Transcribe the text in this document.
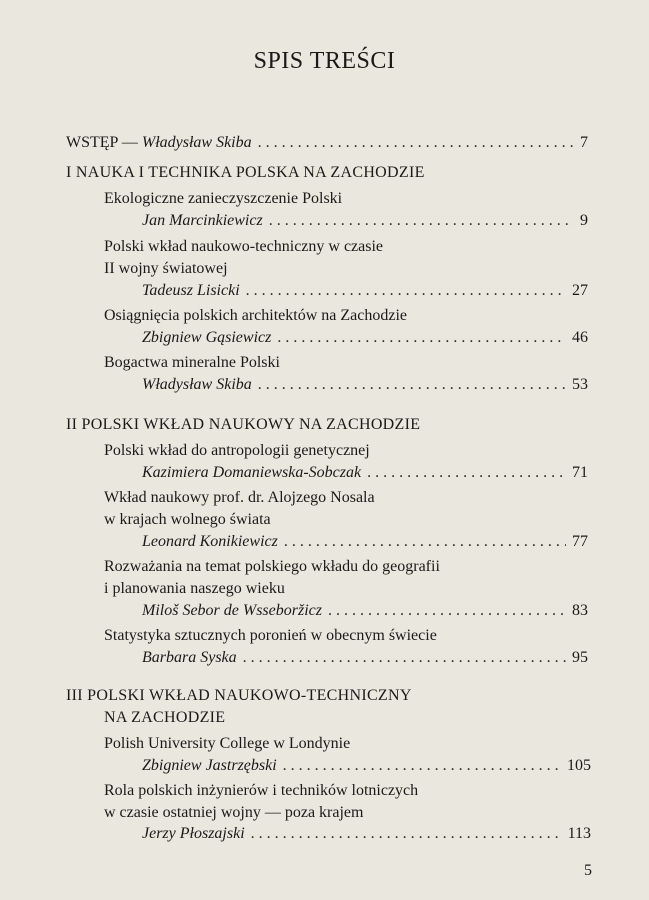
SPIS TREŚCI
WSTĘP — Władysław Skiba . . .	7
I NAUKA I TECHNIKA POLSKA NA ZACHODZIE
Ekologiczne zanieczyszczenie Polski
Jan Marcinkiewicz . . .	9
Polski wkład naukowo-techniczny w czasie
II wojny światowej
Tadeusz Lisicki . . .	27
Osiągnięcia polskich architektów na Zachodzie
Zbigniew Gąsiewicz . . .	46
Bogactwa mineralne Polski
Władysław Skiba . . .	53
II POLSKI WKŁAD NAUKOWY NA ZACHODZIE
Polski wkład do antropologii genetycznej
Kazimiera Domaniewska-Sobczak . . .	71
Wkład naukowy prof. dr. Alojzego Nosala
w krajach wolnego świata
Leonard Konikiewicz . . .	77
Rozważania na temat polskiego wkładu do geografii
i planowania naszego wieku
Miloš Sebor de Wsseboržicz . . .	83
Statystyka sztucznych poronień w obecnym świecie
Barbara Syska . . .	95
III POLSKI WKŁAD NAUKOWO-TECHNICZNY
NA ZACHODZIE
Polish University College w Londynie
Zbigniew Jastrzębski . . .	105
Rola polskich inżynierów i techników lotniczych
w czasie ostatniej wojny — poza krajem
Jerzy Płoszajski . . .	113
5
